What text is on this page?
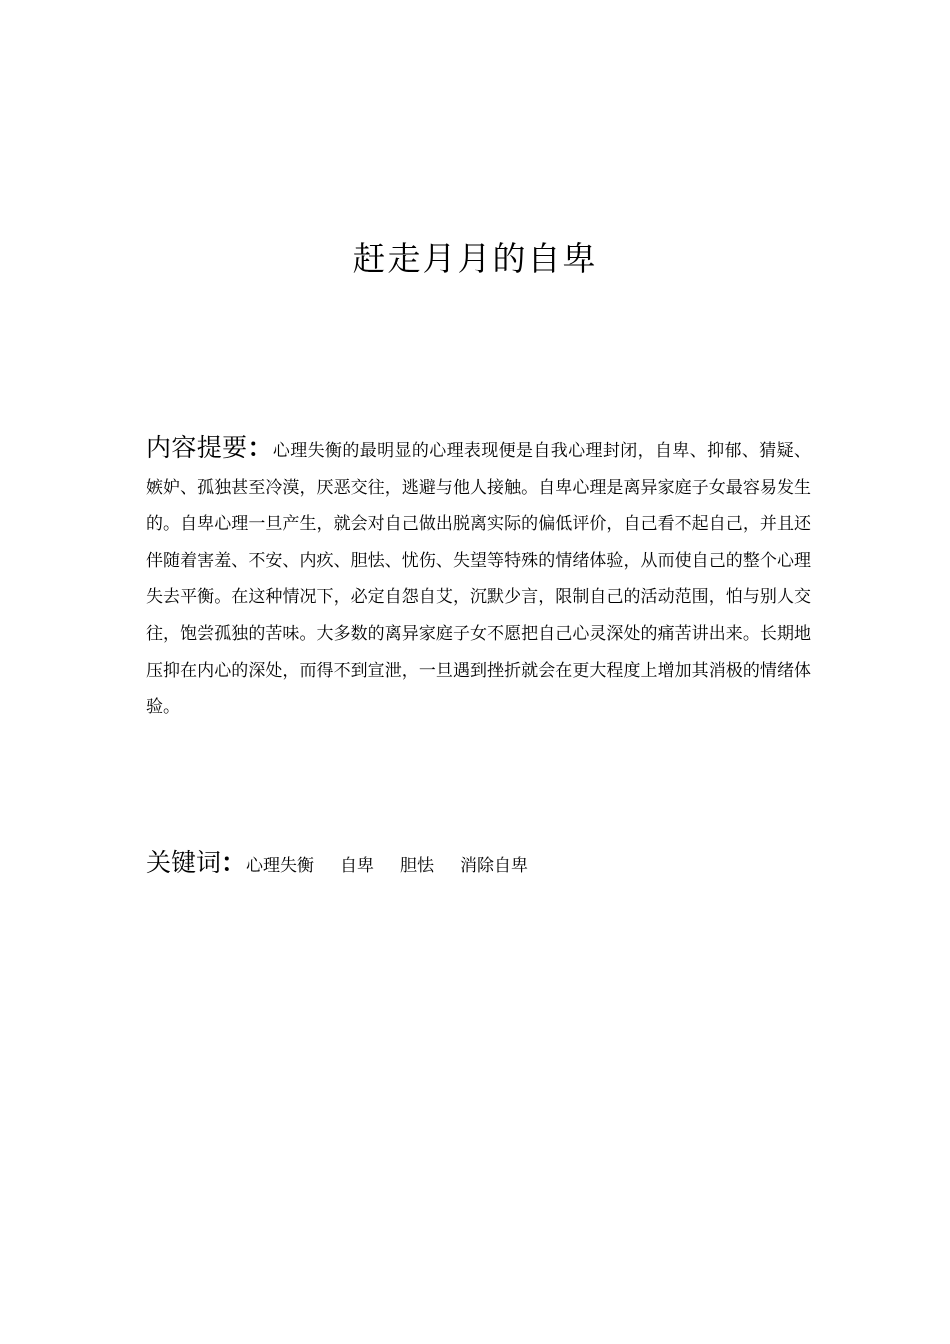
赶走月月的自卑

内容提要：心理失衡的最明显的心理表现便是自我心理封闭，自卑、抑郁、猜疑、嫉妒、孤独甚至冷漠，厌恶交往，逃避与他人接触。自卑心理是离异家庭子女最容易发生的。自卑心理一旦产生，就会对自己做出脱离实际的偏低评价，自己看不起自己，并且还伴随着害羞、不安、内疚、胆怯、忧伤、失望等特殊的情绪体验，从而使自己的整个心理失去平衡。在这种情况下，必定自怨自艾，沉默少言，限制自己的活动范围，怕与别人交往，饱尝孤独的苦味。大多数的离异家庭子女不愿把自己心灵深处的痛苦讲出来。长期地压抑在内心的深处，而得不到宣泄，一旦遇到挫折就会在更大程度上增加其消极的情绪体验。

关键词：心理失衡 自卑 胆怯 消除自卑
